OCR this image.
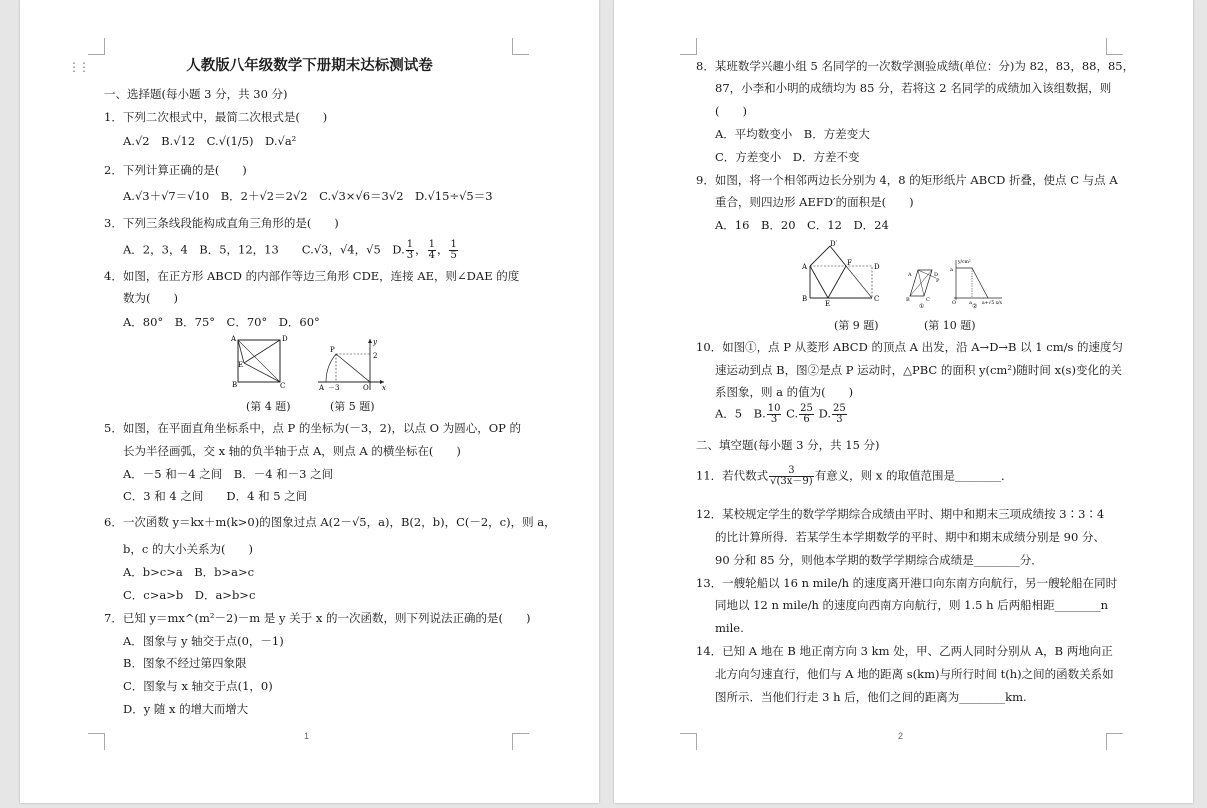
⋮⋮	人教版八年级数学下册期末达标测试卷
一、选择题(每小题 3 分，共 30 分)
1．下列二次根式中，最简二次根式是(　　)
A.√2　B.√12　C.√(1/5)　D.√a²
2．下列计算正确的是(　　)
A.√3＋√7＝√10　B．2＋√2＝2√2　C.√3×√6＝3√2　D.√15÷√5＝3
3．下列三条线段能构成直角三角形的是(　　)
A．2，3，4　B．5，12，13　　C.√3，√4，√5　D. $\frac{1}{3}$ ， $\frac{1}{4}$ ， $\frac{1}{5}$
4．如图，在正方形 ABCD 的内部作等边三角形 CDE，连接 AE，则∠DAE 的度
数为(　　)
A．80°　B．75°　C．70°　D．60°
A	D
B	C
E
P
y
2
x
O
A －3
(第 4 题)	(第 5 题)
5．如图，在平面直角坐标系中，点 P 的坐标为(－3，2)，以点 O 为圆心，OP 的
长为半径画弧，交 x 轴的负半轴于点 A，则点 A 的横坐标在(　　)
A．－5 和－4 之间　B．－4 和－3 之间
C．3 和 4 之间　　D．4 和 5 之间
6．一次函数 y＝kx＋m(k>0)的图象过点 A(2－√5，a)，B(2，b)，C(－2，c)，则 a，
b，c 的大小关系为(　　)
A．b>c>a　B．b>a>c
C．c>a>b　D．a>b>c
7．已知 y＝mx^(m²－2)－m 是 y 关于 x 的一次函数，则下列说法正确的是(　　)
A．图象与 y 轴交于点(0，－1)
B．图象不经过第四象限
C．图象与 x 轴交于点(1，0)
D．y 随 x 的增大而增大
1
8．某班数学兴趣小组 5 名同学的一次数学测验成绩(单位：分)为 82，83，88，85，
87，小李和小明的成绩均为 85 分，若将这 2 名同学的成绩加入该组数据，则
(　　)
A．平均数变小　B．方差变大
C．方差变小　D．方差不变
9．如图，将一个相邻两边长分别为 4，8 的矩形纸片 ABCD 折叠，使点 C 与点 A
重合，则四边形 AEFD′的面积是(　　)
A．16　B．20　C．12　D．24
A
B
E
C
D
F
D′
A	D
P
B	C
①
y/cm²
a
a a+√5 x/s
O	②
(第 9 题)	(第 10 题)
10．如图①，点 P 从菱形 ABCD 的顶点 A 出发，沿 A→D→B 以 1 cm/s 的速度匀
速运动到点 B，图②是点 P 运动时，△PBC 的面积 y(cm²)随时间 x(s)变化的关
系图象，则 a 的值为(　　)
A．5　B. $\frac{10}{3} C$. $\frac{25}{6} D$. $\frac{25}{3}$
二、填空题(每小题 3 分，共 15 分)
11．若代数式 $\frac{3}{√(3x-9)}$ 有意义，则 x 的取值范围是________．
12．某校规定学生的数学学期综合成绩由平时、期中和期末三项成绩按 3∶3∶4
的比计算所得．若某学生本学期数学的平时、期中和期末成绩分别是 90 分、
90 分和 85 分，则他本学期的数学学期综合成绩是________分．
13．一艘轮船以 16 n mile/h 的速度离开港口向东南方向航行，另一艘轮船在同时
同地以 12 n mile/h 的速度向西南方向航行，则 1.5 h 后两船相距________n
mile.
14．已知 A 地在 B 地正南方向 3 km 处，甲、乙两人同时分别从 A，B 两地向正
北方向匀速直行，他们与 A 地的距离 s(km)与所行时间 t(h)之间的函数关系如
图所示．当他们行走 3 h 后，他们之间的距离为________km.
2
